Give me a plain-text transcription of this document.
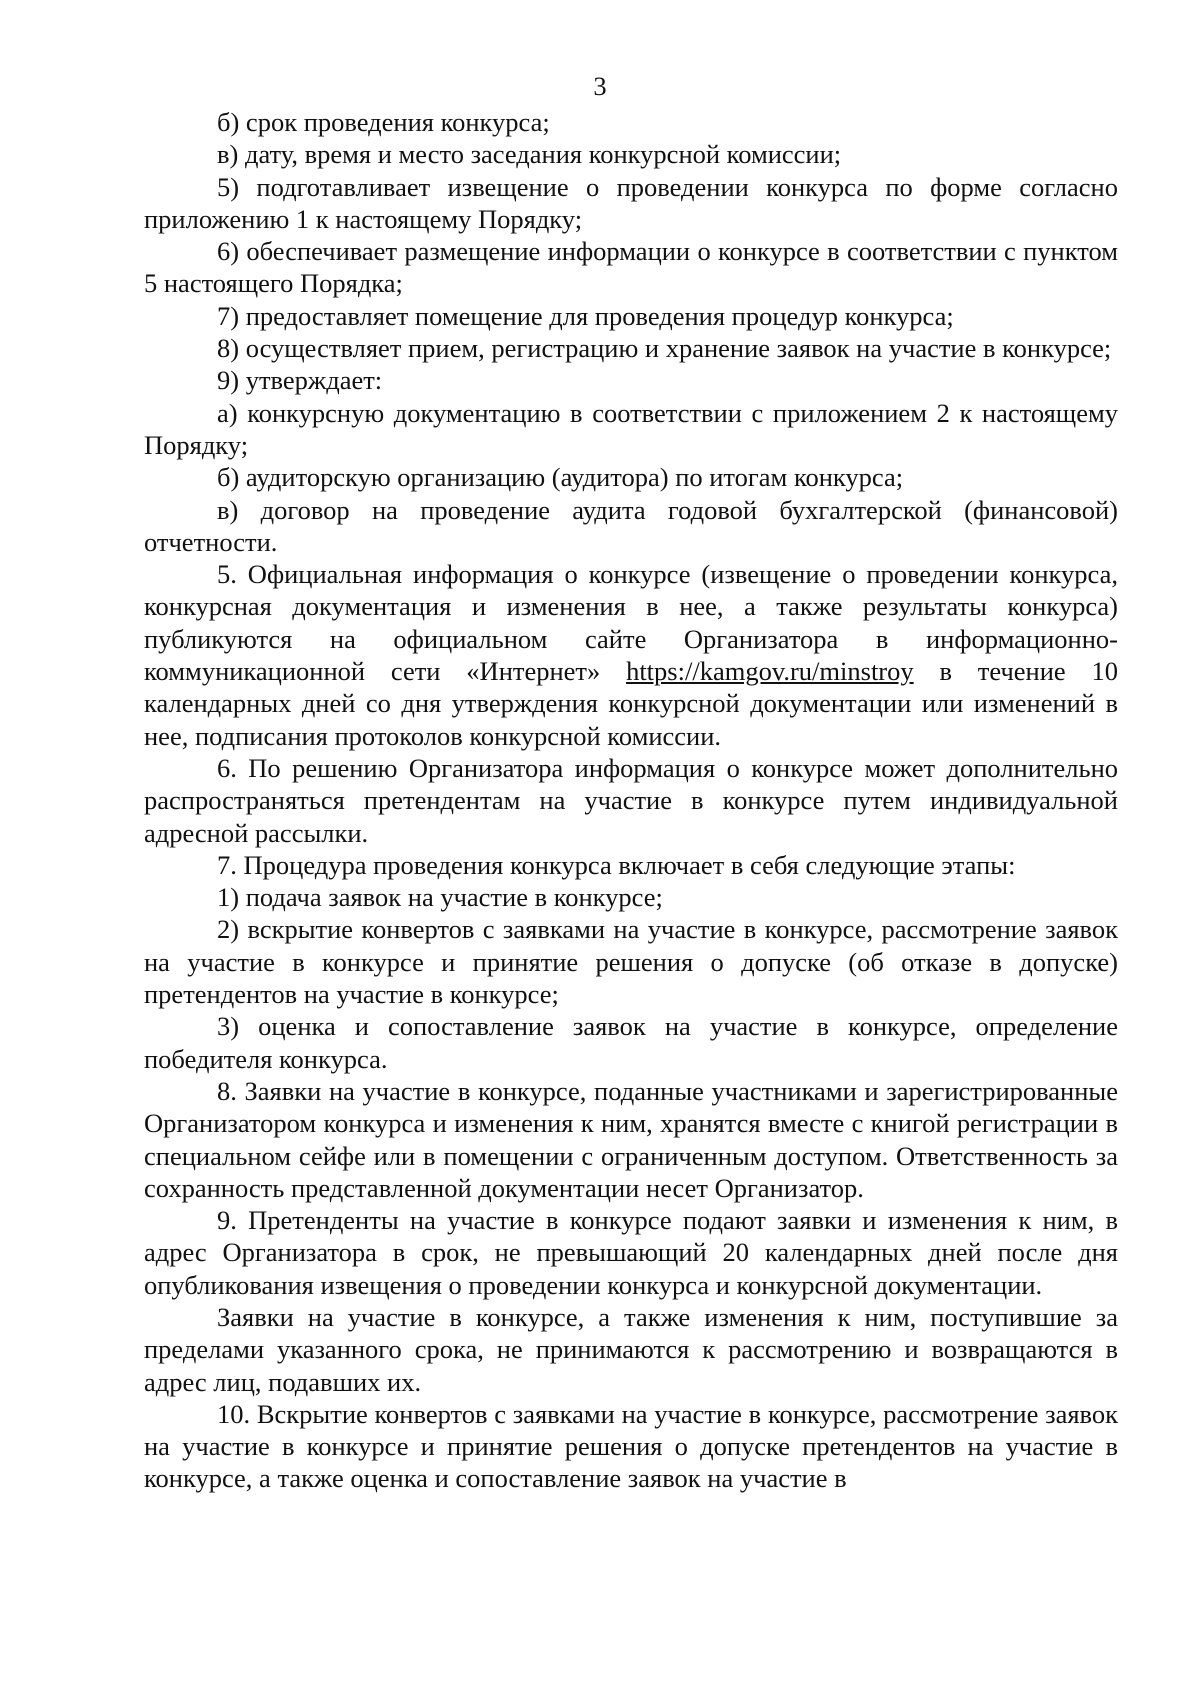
3

б) срок проведения конкурса;

в) дату, время и место заседания конкурсной комиссии;

5) подготавливает извещение о проведении конкурса по форме согласно приложению 1 к настоящему Порядку;

6) обеспечивает размещение информации о конкурсе в соответствии с пунктом 5 настоящего Порядка;

7) предоставляет помещение для проведения процедур конкурса;

8) осуществляет прием, регистрацию и хранение заявок на участие в конкурсе;

9) утверждает:

а) конкурсную документацию в соответствии с приложением 2 к настоящему Порядку;

б) аудиторскую организацию (аудитора) по итогам конкурса;

в) договор на проведение аудита годовой бухгалтерской (финансовой) отчетности.

5. Официальная информация о конкурсе (извещение о проведении конкурса, конкурсная документация и изменения в нее, а также результаты конкурса) публикуются на официальном сайте Организатора в информационно-коммуникационной сети «Интернет» https://kamgov.ru/minstroy в течение 10 календарных дней со дня утверждения конкурсной документации или изменений в нее, подписания протоколов конкурсной комиссии.

6. По решению Организатора информация о конкурсе может дополнительно распространяться претендентам на участие в конкурсе путем индивидуальной адресной рассылки.

7. Процедура проведения конкурса включает в себя следующие этапы:

1) подача заявок на участие в конкурсе;

2) вскрытие конвертов с заявками на участие в конкурсе, рассмотрение заявок на участие в конкурсе и принятие решения о допуске (об отказе в допуске) претендентов на участие в конкурсе;

3) оценка и сопоставление заявок на участие в конкурсе, определение победителя конкурса.

8. Заявки на участие в конкурсе, поданные участниками и зарегистрированные Организатором конкурса и изменения к ним, хранятся вместе с книгой регистрации в специальном сейфе или в помещении с ограниченным доступом. Ответственность за сохранность представленной документации несет Организатор.

9. Претенденты на участие в конкурсе подают заявки и изменения к ним, в адрес Организатора в срок, не превышающий 20 календарных дней после дня опубликования извещения о проведении конкурса и конкурсной документации.

Заявки на участие в конкурсе, а также изменения к ним, поступившие за пределами указанного срока, не принимаются к рассмотрению и возвращаются в адрес лиц, подавших их.

10. Вскрытие конвертов с заявками на участие в конкурсе, рассмотрение заявок на участие в конкурсе и принятие решения о допуске претендентов на участие в конкурсе, а также оценка и сопоставление заявок на участие в
